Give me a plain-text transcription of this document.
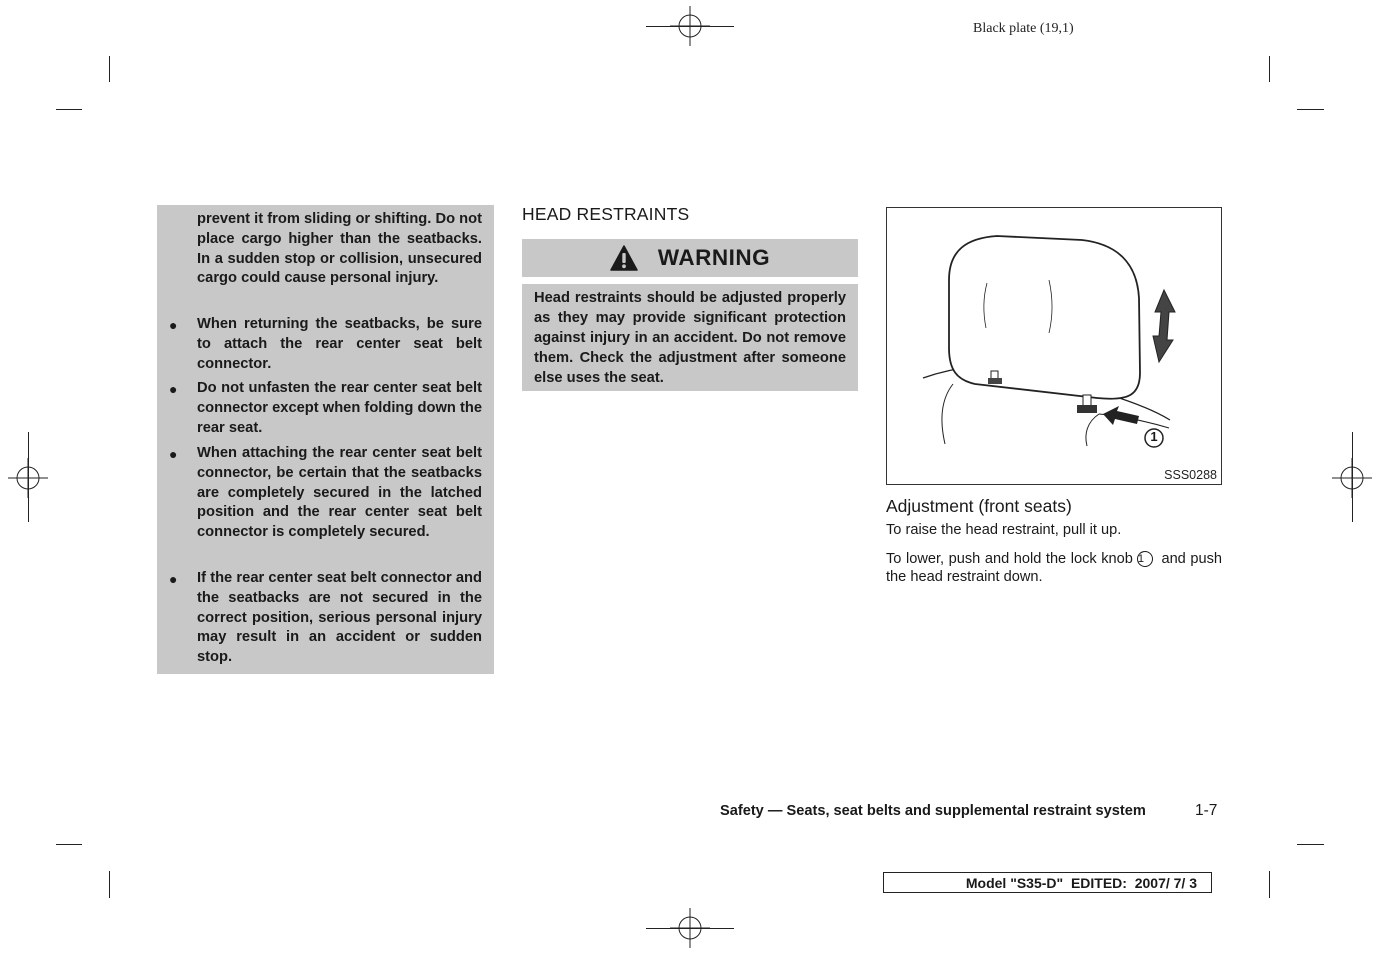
Black plate (19,1)
prevent it from sliding or shifting. Do not place cargo higher than the seatbacks. In a sudden stop or collision, unsecured cargo could cause personal injury.
● When returning the seatbacks, be sure to attach the rear center seat belt connector.
● Do not unfasten the rear center seat belt connector except when folding down the rear seat.
● When attaching the rear center seat belt connector, be certain that the seatbacks are completely secured in the latched position and the rear center seat belt connector is completely secured.
● If the rear center seat belt connector and the seatbacks are not secured in the correct position, serious personal injury may result in an accident or sudden stop.
HEAD RESTRAINTS
WARNING
Head restraints should be adjusted properly as they may provide significant protection against injury in an accident. Do not remove them. Check the adjustment after someone else uses the seat.
1
SSS0288
Adjustment (front seats)
To raise the head restraint, pull it up.
To lower, push and hold the lock knob 1 and push the head restraint down.
Safety — Seats, seat belts and supplemental restraint system	1-7
Model "S35-D"  EDITED:  2007/ 7/ 3
